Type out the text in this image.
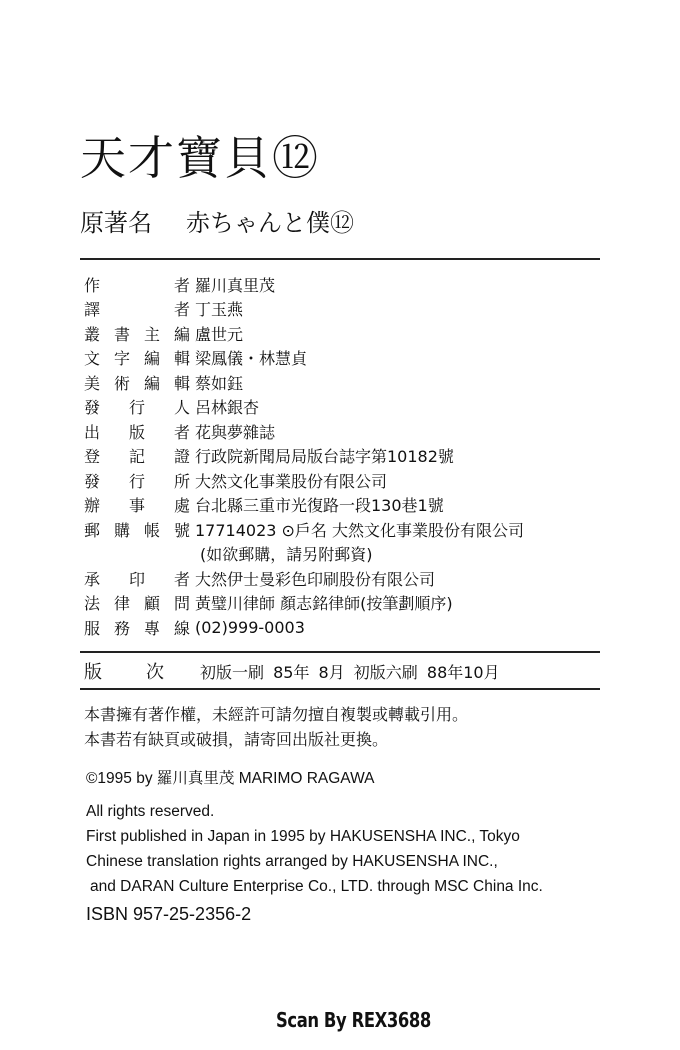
天才寶貝⑫
原著名 赤ちゃんと僕⑫
作	者 羅川真里茂
譯	者 丁玉燕
叢 書 主 編 盧世元
文 字 編 輯 梁鳳儀・林慧貞
美 術 編 輯 蔡如鈺
發 行 人 呂林銀杏
出 版 者 花與夢雜誌
登 記 證 行政院新聞局局版台誌字第10182號
發 行 所 大然文化事業股份有限公司
辦 事 處 台北縣三重市光復路一段130巷1號
郵 購 帳 號 17714023 ⊙戶名 大然文化事業股份有限公司
(如欲郵購，請另附郵資)
承 印 者 大然伊士曼彩色印刷股份有限公司
法 律 顧 問 黃璧川律師 顏志銘律師(按筆劃順序)
服 務 專 線 (02)999-0003
版 次	初版一刷 85年 8月 初版六刷 88年10月
本書擁有著作權，未經許可請勿擅自複製或轉載引用。
本書若有缺頁或破損，請寄回出版社更換。
©1995 by 羅川真里茂 MARIMO RAGAWA
All rights reserved.
First published in Japan in 1995 by HAKUSENSHA INC., Tokyo
Chinese translation rights arranged by HAKUSENSHA INC.,
and DARAN Culture Enterprise Co., LTD. through MSC China Inc.
ISBN 957-25-2356-2
Scan By REX3688
